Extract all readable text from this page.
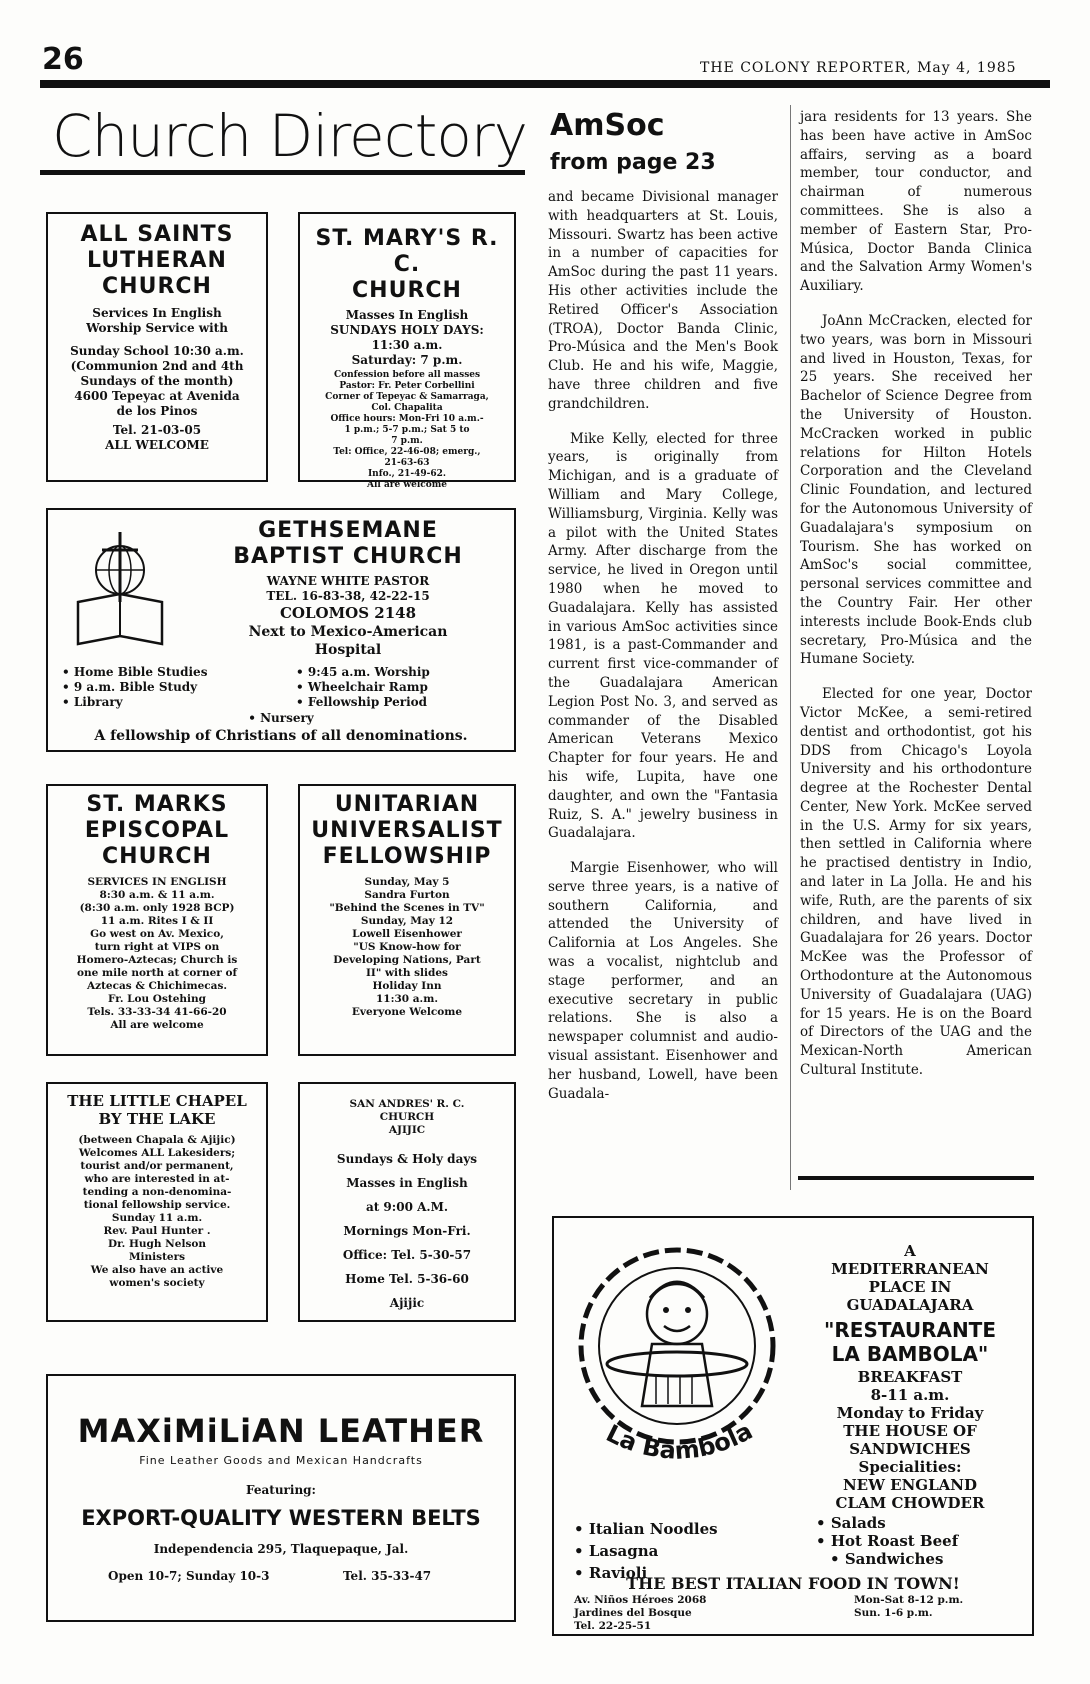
26	THE COLONY REPORTER, May 4, 1985
Church Directory
ALL SAINTS
LUTHERAN
CHURCH
Services In English
Worship Service with
Sunday School 10:30 a.m.
(Communion 2nd and 4th
Sundays of the month)
4600 Tepeyac at Avenida
de los Pinos
Tel. 21-03-05
ALL WELCOME
ST. MARY'S R. C.
CHURCH
Masses In English
SUNDAYS HOLY DAYS:
11:30 a.m.
Saturday: 7 p.m.
Confession before all masses
Pastor: Fr. Peter Corbellini
Corner of Tepeyac & Samarraga,
Col. Chapalita
Office hours: Mon-Fri 10 a.m.-
1 p.m.; 5-7 p.m.; Sat 5 to
7 p.m.
Tel: Office, 22-46-08; emerg.,
21-63-63
Info., 21-49-62.
All are welcome
GETHSEMANE
BAPTIST CHURCH
WAYNE WHITE PASTOR
TEL. 16-83-38, 42-22-15
COLOMOS 2148
Next to Mexico-American
Hospital
• Home Bible Studies
• 9 a.m. Bible Study
• Library
• 9:45 a.m. Worship
• Wheelchair Ramp
• Fellowship Period
• Nursery
A fellowship of Christians of all denominations.
ST. MARKS
EPISCOPAL
CHURCH
SERVICES IN ENGLISH
8:30 a.m. & 11 a.m.
(8:30 a.m. only 1928 BCP)
11 a.m. Rites I & II
Go west on Av. Mexico,
turn right at VIPS on
Homero-Aztecas; Church is
one mile north at corner of
Aztecas & Chichimecas.
Fr. Lou Ostehing
Tels. 33-33-34 41-66-20
All are welcome
UNITARIAN
UNIVERSALIST
FELLOWSHIP
Sunday, May 5
Sandra Furton
"Behind the Scenes in TV"
Sunday, May 12
Lowell Eisenhower
"US Know-how for
Developing Nations, Part
II" with slides
Holiday Inn
11:30 a.m.
Everyone Welcome
THE LITTLE CHAPEL
BY THE LAKE
(between Chapala & Ajijic)
Welcomes ALL Lakesiders;
tourist and/or permanent,
who are interested in at-
tending a non-denomina-
tional fellowship service.
Sunday 11 a.m.
Rev. Paul Hunter .
Dr. Hugh Nelson
Ministers
We also have an active
women's society
SAN ANDRES' R. C.
CHURCH
AJIJIC
Sundays & Holy days
Masses in English
at 9:00 A.M.
Mornings Mon-Fri.
Office: Tel. 5-30-57
Home Tel. 5-36-60
Ajijic
MAXiMiLiAN LEATHER
Fine Leather Goods and Mexican Handcrafts
Featuring:
EXPORT-QUALITY WESTERN BELTS
Independencia 295, Tlaquepaque, Jal.
Open 10-7; Sunday 10-3	Tel. 35-33-47
AmSoc
from page 23

and became Divisional manager with headquarters at St. Louis, Missouri. Swartz has been active in a number of capacities for AmSoc during the past 11 years. His other activities include the Retired Officer's Association (TROA), Doctor Banda Clinic, Pro-Música and the Men's Book Club. He and his wife, Maggie, have three children and five grandchildren.

Mike Kelly, elected for three years, is originally from Michigan, and is a graduate of William and Mary College, Williamsburg, Virginia. Kelly was a pilot with the United States Army. After discharge from the service, he lived in Oregon until 1980 when he moved to Guadalajara. Kelly has assisted in various AmSoc activities since 1981, is a past-Commander and current first vice-commander of the Guadalajara American Legion Post No. 3, and served as commander of the Disabled American Veterans Mexico Chapter for four years. He and his wife, Lupita, have one daughter, and own the "Fantasia Ruiz, S. A." jewelry business in Guadalajara.

Margie Eisenhower, who will serve three years, is a native of southern California, and attended the University of California at Los Angeles. She was a vocalist, nightclub and stage performer, and an executive secretary in public relations. She is also a newspaper columnist and audio-visual assistant. Eisenhower and her husband, Lowell, have been Guadala-

jara residents for 13 years. She has been have active in AmSoc affairs, serving as a board member, tour conductor, and chairman of numerous committees. She is also a member of Eastern Star, Pro-Música, Doctor Banda Clinica and the Salvation Army Women's Auxiliary.

JoAnn McCracken, elected for two years, was born in Missouri and lived in Houston, Texas, for 25 years. She received her Bachelor of Science Degree from the University of Houston. McCracken worked in public relations for Hilton Hotels Corporation and the Cleveland Clinic Foundation, and lectured for the Autonomous University of Guadalajara's symposium on Tourism. She has worked on AmSoc's social committee, personal services committee and the Country Fair. Her other interests include Book-Ends club secretary, Pro-Música and the Humane Society.

Elected for one year, Doctor Victor McKee, a semi-retired dentist and orthodontist, got his DDS from Chicago's Loyola University and his orthodonture degree at the Rochester Dental Center, New York. McKee served in the U.S. Army for six years, then settled in California where he practised dentistry in Indio, and later in La Jolla. He and his wife, Ruth, are the parents of six children, and have lived in Guadalajara for 26 years. Doctor McKee was the Professor of Orthodonture at the Autonomous University of Guadalajara (UAG) for 15 years. He is on the Board of Directors of the UAG and the Mexican-North American Cultural Institute.

La Bambola
A
MEDITERRANEAN
PLACE IN
GUADALAJARA
"RESTAURANTE
LA BAMBOLA"
BREAKFAST
8-11 a.m.
Monday to Friday
THE HOUSE OF
SANDWICHES
Specialities:
NEW ENGLAND
CLAM CHOWDER
• Italian Noodles
• Lasagna
• Ravioli
• Salads
• Hot Roast Beef
• Sandwiches
THE BEST ITALIAN FOOD IN TOWN!
Av. Niños Héroes 2068
Jardines del Bosque
Tel. 22-25-51
Mon-Sat 8-12 p.m.
Sun. 1-6 p.m.
